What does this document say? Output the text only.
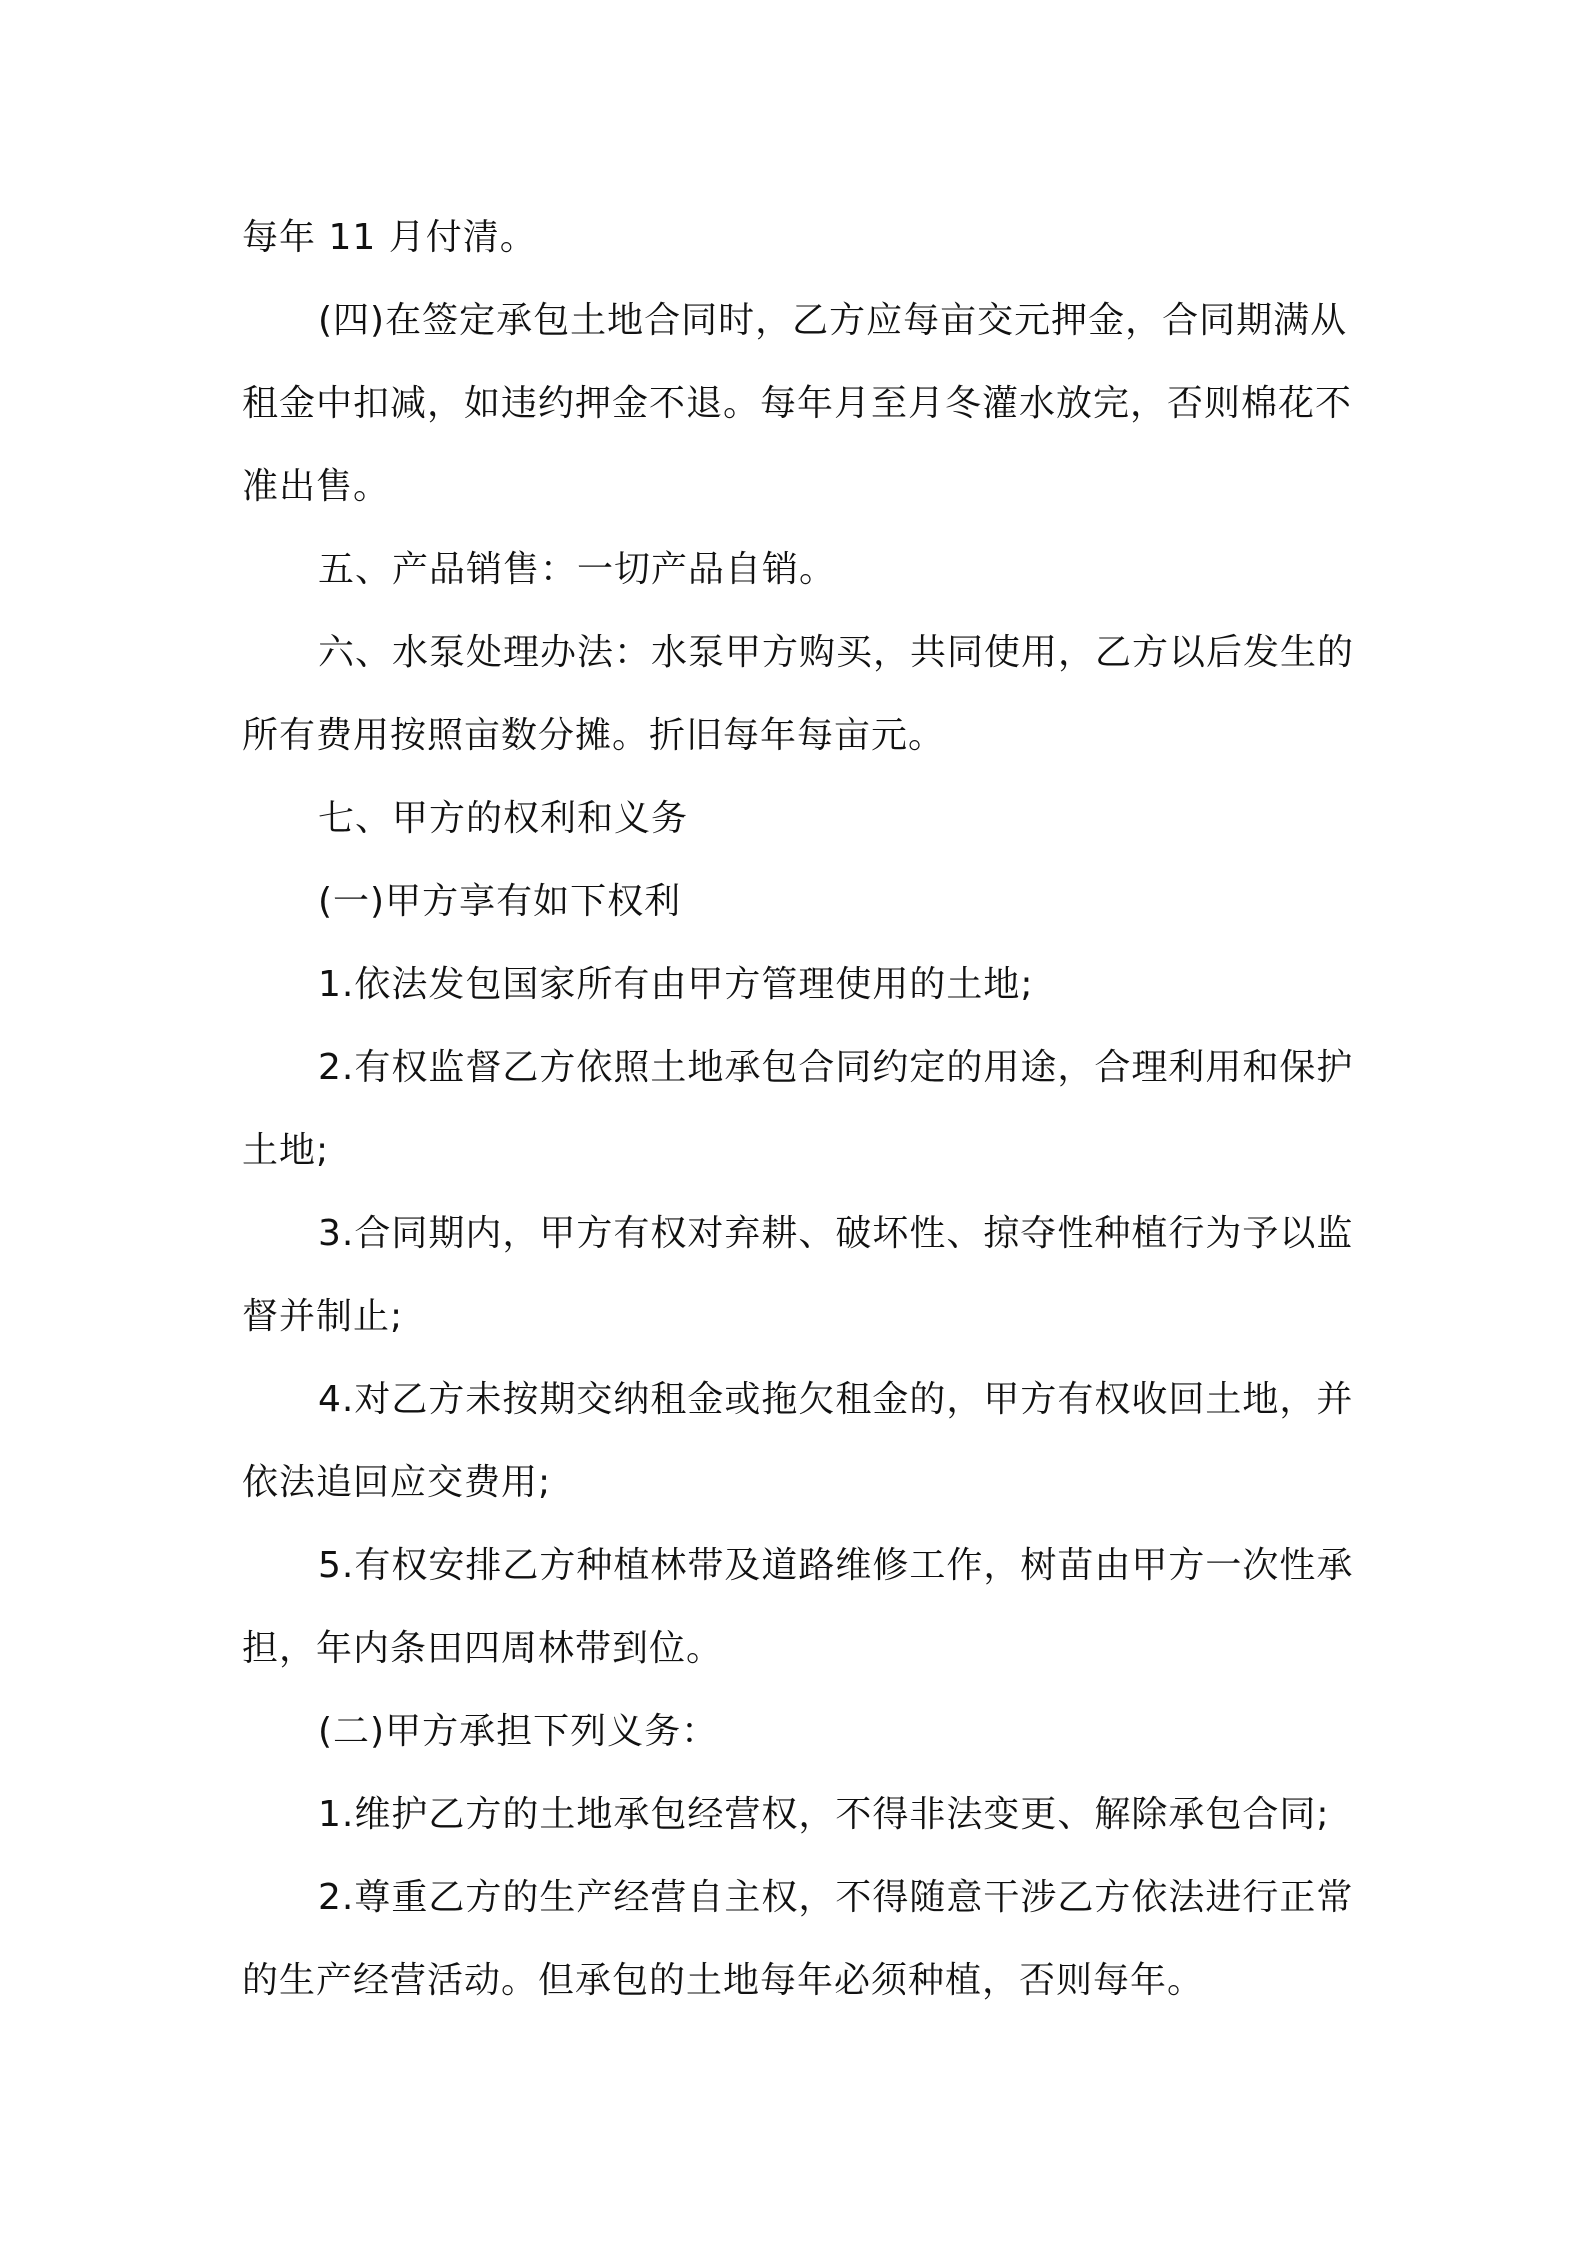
每年 11 月付清。

(四)在签定承包土地合同时，乙方应每亩交元押金，合同期满从租金中扣减，如违约押金不退。每年月至月冬灌水放完，否则棉花不准出售。

五、产品销售：一切产品自销。

六、水泵处理办法：水泵甲方购买，共同使用，乙方以后发生的所有费用按照亩数分摊。折旧每年每亩元。

七、甲方的权利和义务

(一)甲方享有如下权利

1.依法发包国家所有由甲方管理使用的土地;

2.有权监督乙方依照土地承包合同约定的用途，合理利用和保护土地;

3.合同期内，甲方有权对弃耕、破坏性、掠夺性种植行为予以监督并制止;

4.对乙方未按期交纳租金或拖欠租金的，甲方有权收回土地，并依法追回应交费用;

5.有权安排乙方种植林带及道路维修工作，树苗由甲方一次性承担，年内条田四周林带到位。

(二)甲方承担下列义务：

1.维护乙方的土地承包经营权，不得非法变更、解除承包合同;

2.尊重乙方的生产经营自主权，不得随意干涉乙方依法进行正常的生产经营活动。但承包的土地每年必须种植，否则每年。
